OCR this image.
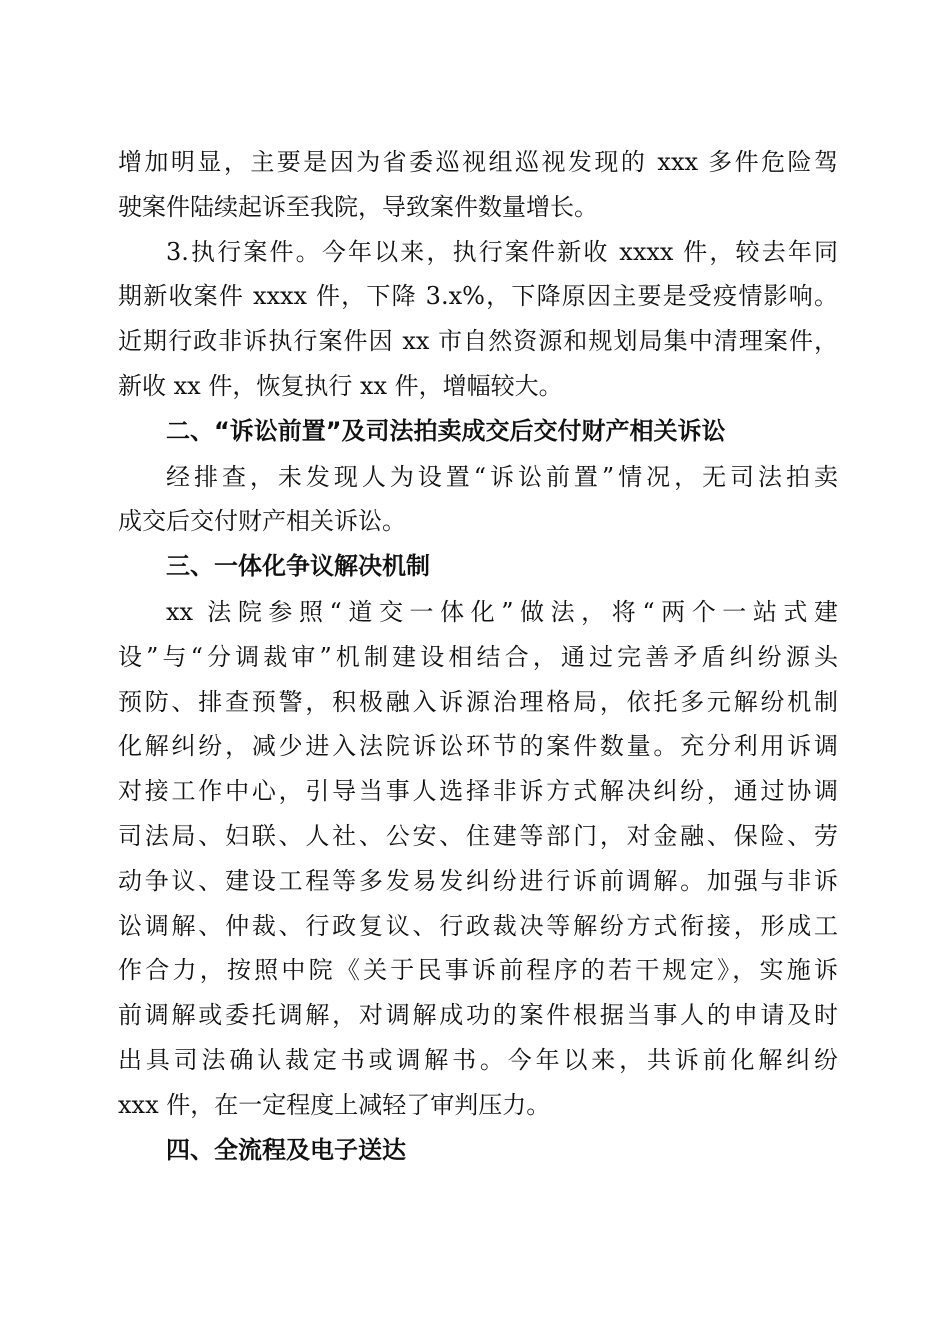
增加明显，主要是因为省委巡视组巡视发现的 xxx 多件危险驾
驶案件陆续起诉至我院，导致案件数量增长。
3.执行案件。今年以来，执行案件新收 xxxx 件，较去年同
期新收案件 xxxx 件，下降 3.x%，下降原因主要是受疫情影响。
近期行政非诉执行案件因 xx 市自然资源和规划局集中清理案件，
新收 xx 件，恢复执行 xx 件，增幅较大。
二、“诉讼前置”及司法拍卖成交后交付财产相关诉讼
经排查，未发现人为设置“诉讼前置”情况，无司法拍卖
成交后交付财产相关诉讼。
三、一体化争议解决机制
xx 法院参照“道交一体化”做法，将“两个一站式建
设”与“分调裁审”机制建设相结合，通过完善矛盾纠纷源头
预防、排查预警，积极融入诉源治理格局，依托多元解纷机制
化解纠纷，减少进入法院诉讼环节的案件数量。充分利用诉调
对接工作中心，引导当事人选择非诉方式解决纠纷，通过协调
司法局、妇联、人社、公安、住建等部门，对金融、保险、劳
动争议、建设工程等多发易发纠纷进行诉前调解。加强与非诉
讼调解、仲裁、行政复议、行政裁决等解纷方式衔接，形成工
作合力，按照中院《关于民事诉前程序的若干规定》，实施诉
前调解或委托调解，对调解成功的案件根据当事人的申请及时
出具司法确认裁定书或调解书。今年以来，共诉前化解纠纷
xxx 件，在一定程度上减轻了审判压力。
四、全流程及电子送达
